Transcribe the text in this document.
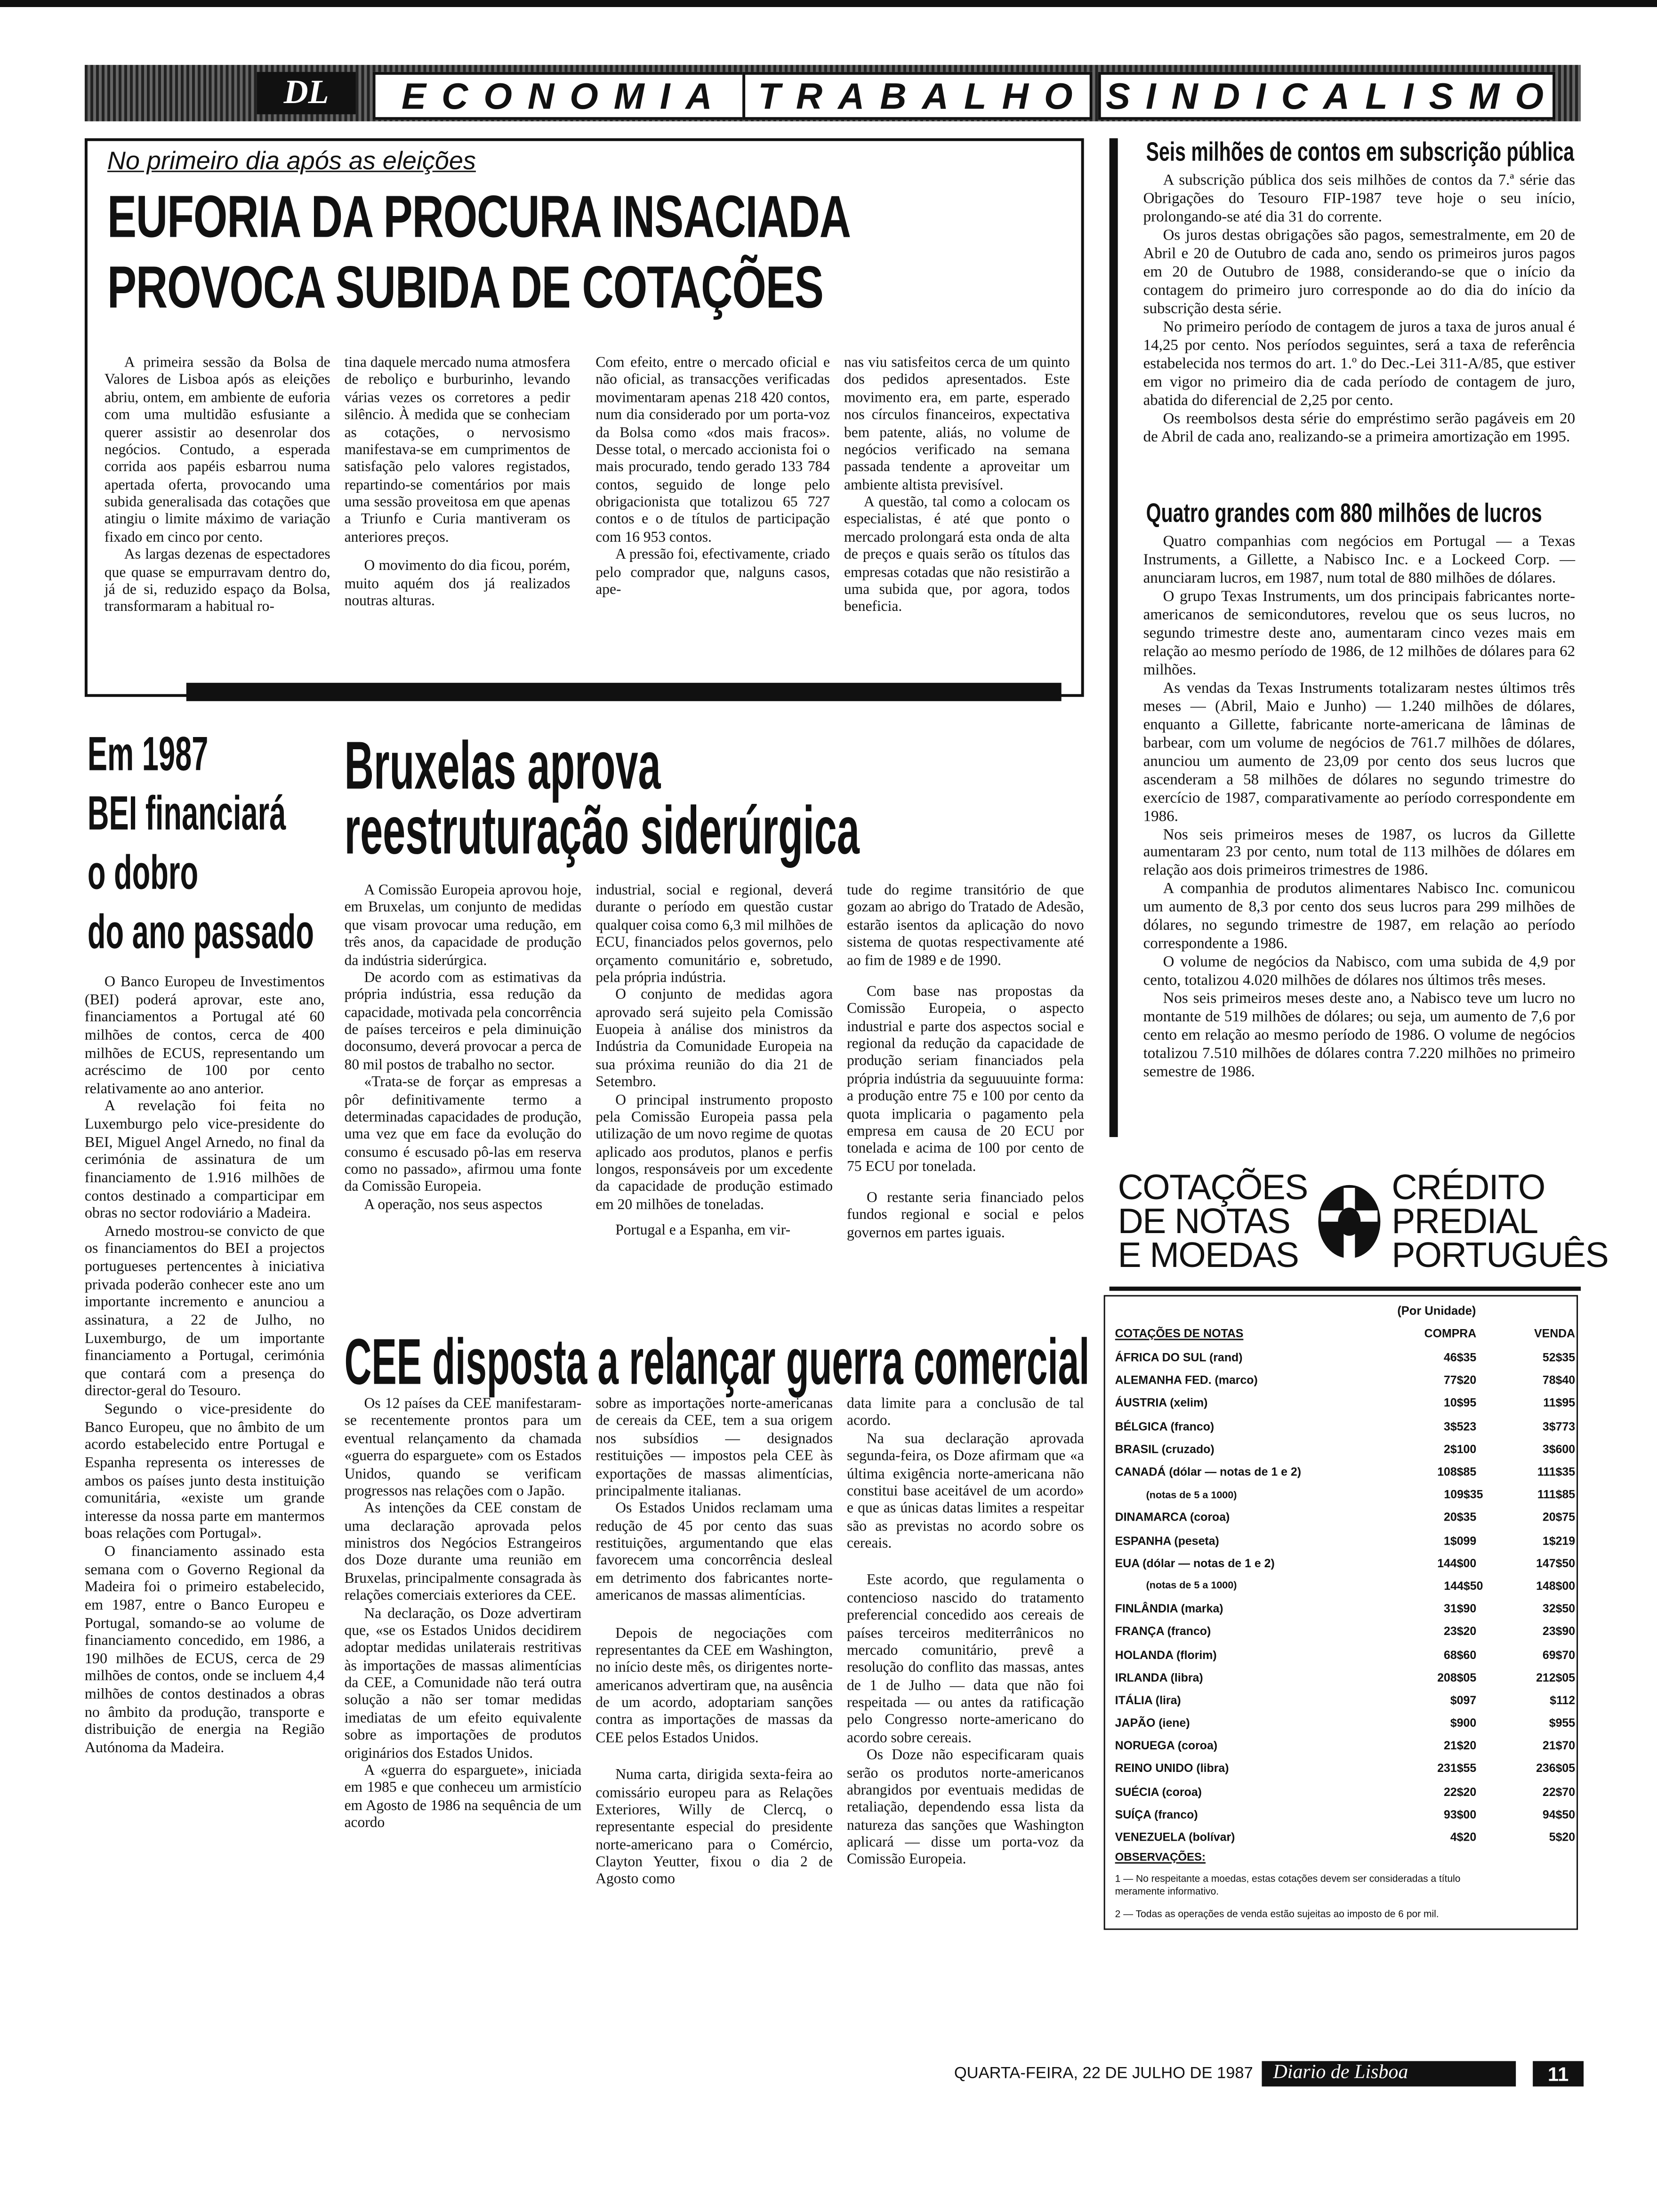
DL	ECONOMIA	TRABALHO	SINDICALISMO
No primeiro dia após as eleições
EUFORIA DA PROCURA INSACIADA
PROVOCA SUBIDA DE COTAÇÕES

A primeira sessão da Bolsa de Valores de Lisboa após as eleições abriu, ontem, em ambiente de euforia com uma multidão esfusiante a querer assistir ao desenrolar dos negócios. Contudo, a esperada corrida aos papéis esbarrou numa apertada oferta, provocando uma subida generalisada das cotações que atingiu o limite máximo de variação fixado em cinco por cento.

As largas dezenas de espectadores que quase se empurravam dentro do, já de si, reduzido espaço da Bolsa, transformaram a habitual ro-

tina daquele mercado numa atmosfera de reboliço e burburinho, levando várias vezes os corretores a pedir silêncio. À medida que se conheciam as cotações, o nervosismo manifestava-se em cumprimentos de satisfação pelo valores registados, repartindo-se comentários por mais uma sessão proveitosa em que apenas a Triunfo e Curia mantiveram os anteriores preços.

O movimento do dia ficou, porém, muito aquém dos já realizados noutras alturas.

Com efeito, entre o mercado oficial e não oficial, as transacções verificadas movimentaram apenas 218 420 contos, num dia considerado por um porta-voz da Bolsa como «dos mais fracos». Desse total, o mercado accionista foi o mais procurado, tendo gerado 133 784 contos, seguido de longe pelo obrigacionista que totalizou 65 727 contos e o de títulos de participação com 16 953 contos.

A pressão foi, efectivamente, criado pelo comprador que, nalguns casos, ape-

nas viu satisfeitos cerca de um quinto dos pedidos apresentados. Este movimento era, em parte, esperado nos círculos financeiros, expectativa bem patente, aliás, no volume de negócios verificado na semana passada tendente a aproveitar um ambiente altista previsível.

A questão, tal como a colocam os especialistas, é até que ponto o mercado prolongará esta onda de alta de preços e quais serão os títulos das empresas cotadas que não resistirão a uma subida que, por agora, todos beneficia.

Seis milhões de contos em subscrição pública

A subscrição pública dos seis milhões de contos da 7.ª série das Obrigações do Tesouro FIP-1987 teve hoje o seu início, prolongando-se até dia 31 do corrente.

Os juros destas obrigações são pagos, semestralmente, em 20 de Abril e 20 de Outubro de cada ano, sendo os primeiros juros pagos em 20 de Outubro de 1988, considerando-se que o início da contagem do primeiro juro corresponde ao do dia do início da subscrição desta série.

No primeiro período de contagem de juros a taxa de juros anual é 14,25 por cento. Nos períodos seguintes, será a taxa de referência estabelecida nos termos do art. 1.º do Dec.-Lei 311-A/85, que estiver em vigor no primeiro dia de cada período de contagem de juro, abatida do diferencial de 2,25 por cento.

Os reembolsos desta série do empréstimo serão pagáveis em 20 de Abril de cada ano, realizando-se a primeira amortização em 1995.

Quatro grandes com 880 milhões de lucros

Quatro companhias com negócios em Portugal — a Texas Instruments, a Gillette, a Nabisco Inc. e a Lockeed Corp. — anunciaram lucros, em 1987, num total de 880 milhões de dólares.

O grupo Texas Instruments, um dos principais fabricantes norte-americanos de semicondutores, revelou que os seus lucros, no segundo trimestre deste ano, aumentaram cinco vezes mais em relação ao mesmo período de 1986, de 12 milhões de dólares para 62 milhões.

As vendas da Texas Instruments totalizaram nestes últimos três meses — (Abril, Maio e Junho) — 1.240 milhões de dólares, enquanto a Gillette, fabricante norte-americana de lâminas de barbear, com um volume de negócios de 761.7 milhões de dólares, anunciou um aumento de 23,09 por cento dos seus lucros que ascenderam a 58 milhões de dólares no segundo trimestre do exercício de 1987, comparativamente ao período correspondente em 1986.

Nos seis primeiros meses de 1987, os lucros da Gillette aumentaram 23 por cento, num total de 113 milhões de dólares em relação aos dois primeiros trimestres de 1986.

A companhia de produtos alimentares Nabisco Inc. comunicou um aumento de 8,3 por cento dos seus lucros para 299 milhões de dólares, no segundo trimestre de 1987, em relação ao período correspondente a 1986.

O volume de negócios da Nabisco, com uma subida de 4,9 por cento, totalizou 4.020 milhões de dólares nos últimos três meses.

Nos seis primeiros meses deste ano, a Nabisco teve um lucro no montante de 519 milhões de dólares; ou seja, um aumento de 7,6 por cento em relação ao mesmo período de 1986. O volume de negócios totalizou 7.510 milhões de dólares contra 7.220 milhões no primeiro semestre de 1986.

Em 1987
BEI financiará
o dobro
do ano passado

O Banco Europeu de Investimentos (BEI) poderá aprovar, este ano, financiamentos a Portugal até 60 milhões de contos, cerca de 400 milhões de ECUS, representando um acréscimo de 100 por cento relativamente ao ano anterior.

A revelação foi feita no Luxemburgo pelo vice-presidente do BEI, Miguel Angel Arnedo, no final da cerimónia de assinatura de um financiamento de 1.916 milhões de contos destinado a comparticipar em obras no sector rodoviário a Madeira.

Arnedo mostrou-se convicto de que os financiamentos do BEI a projectos portugueses pertencentes à iniciativa privada poderão conhecer este ano um importante incremento e anunciou a assinatura, a 22 de Julho, no Luxemburgo, de um importante financiamento a Portugal, cerimónia que contará com a presença do director-geral do Tesouro.

Segundo o vice-presidente do Banco Europeu, que no âmbito de um acordo estabelecido entre Portugal e Espanha representa os interesses de ambos os países junto desta instituição comunitária, «existe um grande interesse da nossa parte em mantermos boas relações com Portugal».

O financiamento assinado esta semana com o Governo Regional da Madeira foi o primeiro estabelecido, em 1987, entre o Banco Europeu e Portugal, somando-se ao volume de financiamento concedido, em 1986, a 190 milhões de ECUS, cerca de 29 milhões de contos, onde se incluem 4,4 milhões de contos destinados a obras no âmbito da produção, transporte e distribuição de energia na Região Autónoma da Madeira.

Bruxelas aprova
reestruturação siderúrgica

A Comissão Europeia aprovou hoje, em Bruxelas, um conjunto de medidas que visam provocar uma redução, em três anos, da capacidade de produção da indústria siderúrgica.

De acordo com as estimativas da própria indústria, essa redução da capacidade, motivada pela concorrência de países terceiros e pela diminuição doconsumo, deverá provocar a perca de 80 mil postos de trabalho no sector.

«Trata-se de forçar as empresas a pôr definitivamente termo a determinadas capacidades de produção, uma vez que em face da evolução do consumo é escusado pô-las em reserva como no passado», afirmou uma fonte da Comissão Europeia.

A operação, nos seus aspectos

industrial, social e regional, deverá durante o período em questão custar qualquer coisa como 6,3 mil milhões de ECU, financiados pelos governos, pelo orçamento comunitário e, sobretudo, pela própria indústria.

O conjunto de medidas agora aprovado será sujeito pela Comissão Euopeia à análise dos ministros da Indústria da Comunidade Europeia na sua próxima reunião do dia 21 de Setembro.

O principal instrumento proposto pela Comissão Europeia passa pela utilização de um novo regime de quotas aplicado aos produtos, planos e perfis longos, responsáveis por um excedente da capacidade de produção estimado em 20 milhões de toneladas.

Portugal e a Espanha, em vir-

tude do regime transitório de que gozam ao abrigo do Tratado de Adesão, estarão isentos da aplicação do novo sistema de quotas respectivamente até ao fim de 1989 e de 1990.

Com base nas propostas da Comissão Europeia, o aspecto industrial e parte dos aspectos social e regional da redução da capacidade de produção seriam financiados pela própria indústria da seguuuuinte forma: a produção entre 75 e 100 por cento da quota implicaria o pagamento pela empresa em causa de 20 ECU por tonelada e acima de 100 por cento de 75 ECU por tonelada.

O restante seria financiado pelos fundos regional e social e pelos governos em partes iguais.

CEE disposta a relançar guerra comercial

Os 12 países da CEE manifestaram-se recentemente prontos para um eventual relançamento da chamada «guerra do esparguete» com os Estados Unidos, quando se verificam progressos nas relações com o Japão.

As intenções da CEE constam de uma declaração aprovada pelos ministros dos Negócios Estrangeiros dos Doze durante uma reunião em Bruxelas, principalmente consagrada às relações comerciais exteriores da CEE.

Na declaração, os Doze advertiram que, «se os Estados Unidos decidirem adoptar medidas unilaterais restritivas às importações de massas alimentícias da CEE, a Comunidade não terá outra solução a não ser tomar medidas imediatas de um efeito equivalente sobre as importações de produtos originários dos Estados Unidos.

A «guerra do esparguete», iniciada em 1985 e que conheceu um armistício em Agosto de 1986 na sequência de um acordo

sobre as importações norte-americanas de cereais da CEE, tem a sua origem nos subsídios — designados restituições — impostos pela CEE às exportações de massas alimentícias, principalmente italianas.

Os Estados Unidos reclamam uma redução de 45 por cento das suas restituições, argumentando que elas favorecem uma concorrência desleal em detrimento dos fabricantes norte-americanos de massas alimentícias.

Depois de negociações com representantes da CEE em Washington, no início deste mês, os dirigentes norte-americanos advertiram que, na ausência de um acordo, adoptariam sanções contra as importações de massas da CEE pelos Estados Unidos.

Numa carta, dirigida sexta-feira ao comissário europeu para as Relações Exteriores, Willy de Clercq, o representante especial do presidente norte-americano para o Comércio, Clayton Yeutter, fixou o dia 2 de Agosto como

data limite para a conclusão de tal acordo.

Na sua declaração aprovada segunda-feira, os Doze afirmam que «a última exigência norte-americana não constitui base aceitável de um acordo» e que as únicas datas limites a respeitar são as previstas no acordo sobre os cereais.

Este acordo, que regulamenta o contencioso nascido do tratamento preferencial concedido aos cereais de países terceiros mediterrânicos no mercado comunitário, prevê a resolução do conflito das massas, antes de 1 de Julho — data que não foi respeitada — ou antes da ratificação pelo Congresso norte-americano do acordo sobre cereais.

Os Doze não especificaram quais serão os produtos norte-americanos abrangidos por eventuais medidas de retaliação, dependendo essa lista da natureza das sanções que Washington aplicará — disse um porta-voz da Comissão Europeia.

COTAÇÕES
DE NOTAS
E MOEDAS
CRÉDITO
PREDIAL
PORTUGUÊS
(Por Unidade)
COTAÇÕES DE NOTAS	COMPRA	VENDA
ÁFRICA DO SUL (rand)	46$35	52$35
ALEMANHA FED. (marco)	77$20	78$40
ÁUSTRIA (xelim)	10$95	11$95
BÉLGICA (franco)	3$523	3$773
BRASIL (cruzado)	2$100	3$600
CANADÁ (dólar — notas de 1 e 2)	108$85	111$35
(notas de 5 a 1000)	109$35	111$85
DINAMARCA (coroa)	20$35	20$75
ESPANHA (peseta)	1$099	1$219
EUA (dólar — notas de 1 e 2)	144$00	147$50
(notas de 5 a 1000)	144$50	148$00
FINLÂNDIA (marka)	31$90	32$50
FRANÇA (franco)	23$20	23$90
HOLANDA (florim)	68$60	69$70
IRLANDA (libra)	208$05	212$05
ITÁLIA (lira)	$097	$112
JAPÃO (iene)	$900	$955
NORUEGA (coroa)	21$20	21$70
REINO UNIDO (libra)	231$55	236$05
SUÉCIA (coroa)	22$20	22$70
SUÍÇA (franco)	93$00	94$50
VENEZUELA (bolívar)	4$20	5$20
OBSERVAÇÕES:
1 — No respeitante a moedas, estas cotações devem ser consideradas a título meramente informativo.
2 — Todas as operações de venda estão sujeitas ao imposto de 6 por mil.
QUARTA-FEIRA, 22 DE JULHO DE 1987	Diario de Lisboa	11
